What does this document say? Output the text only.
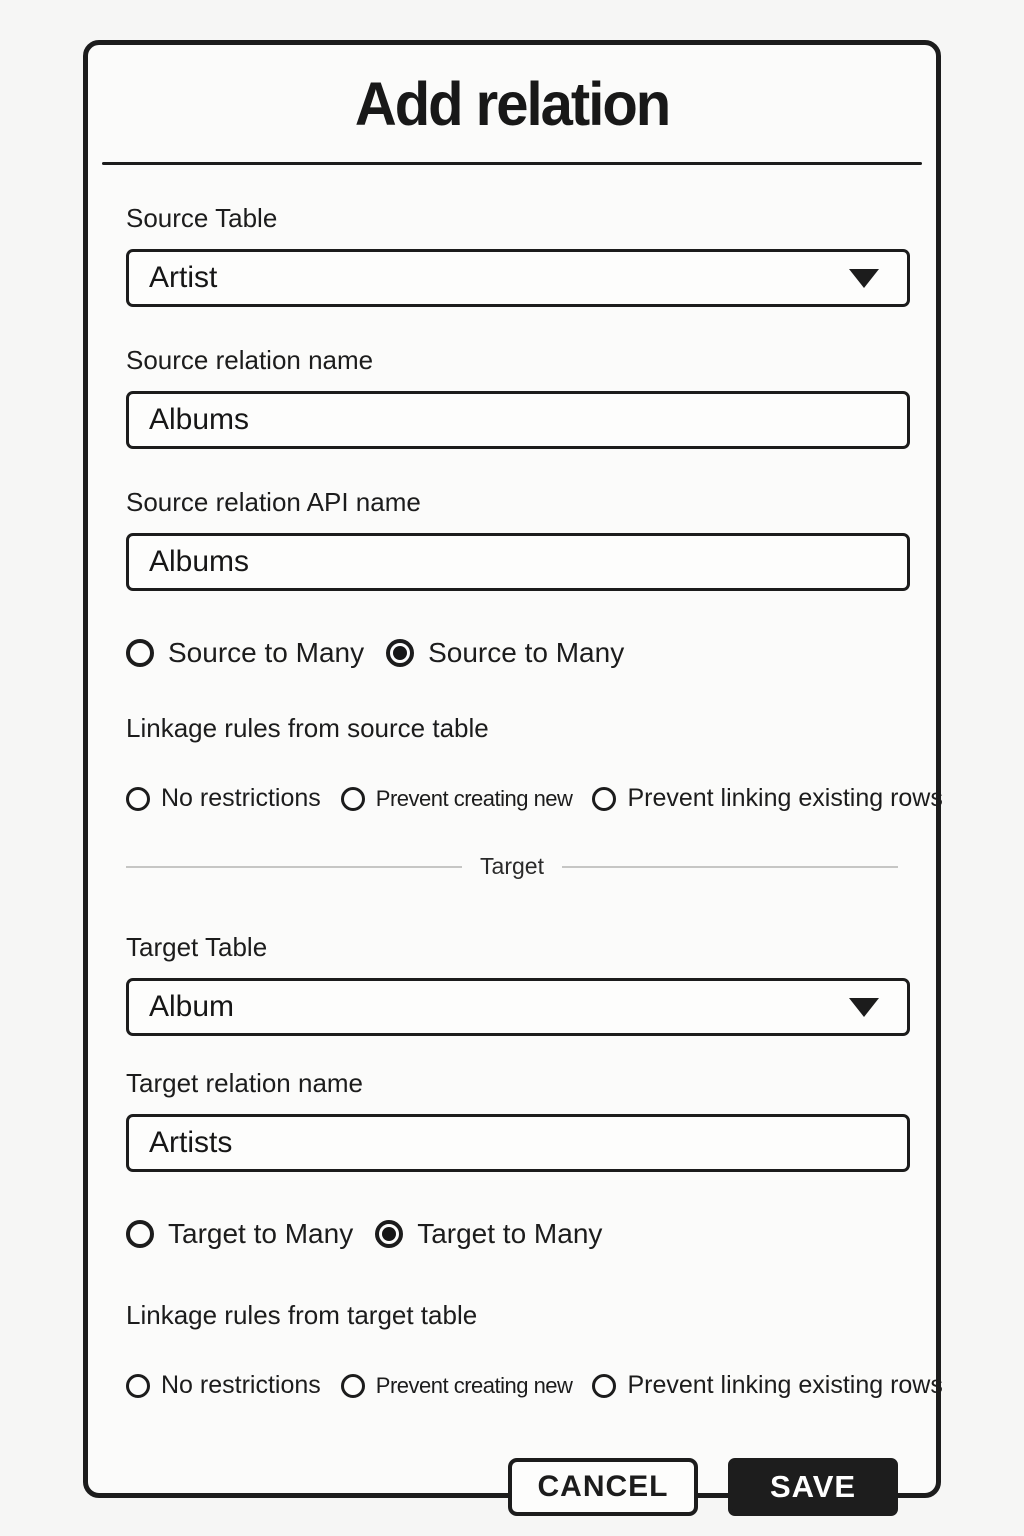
Add relation
Source Table
Artist
Source relation name
Albums
Source relation API name
Albums
Source to Many Source to Many
Linkage rules from source table
No restrictions	Prevent creating new Prevent linking existing rows
Target
Target Table
Album
Target relation name
Artists
Target to Many Target to Many
Linkage rules from target table
No restrictions	Prevent creating new Prevent linking existing rows
CANCEL	SAVE
